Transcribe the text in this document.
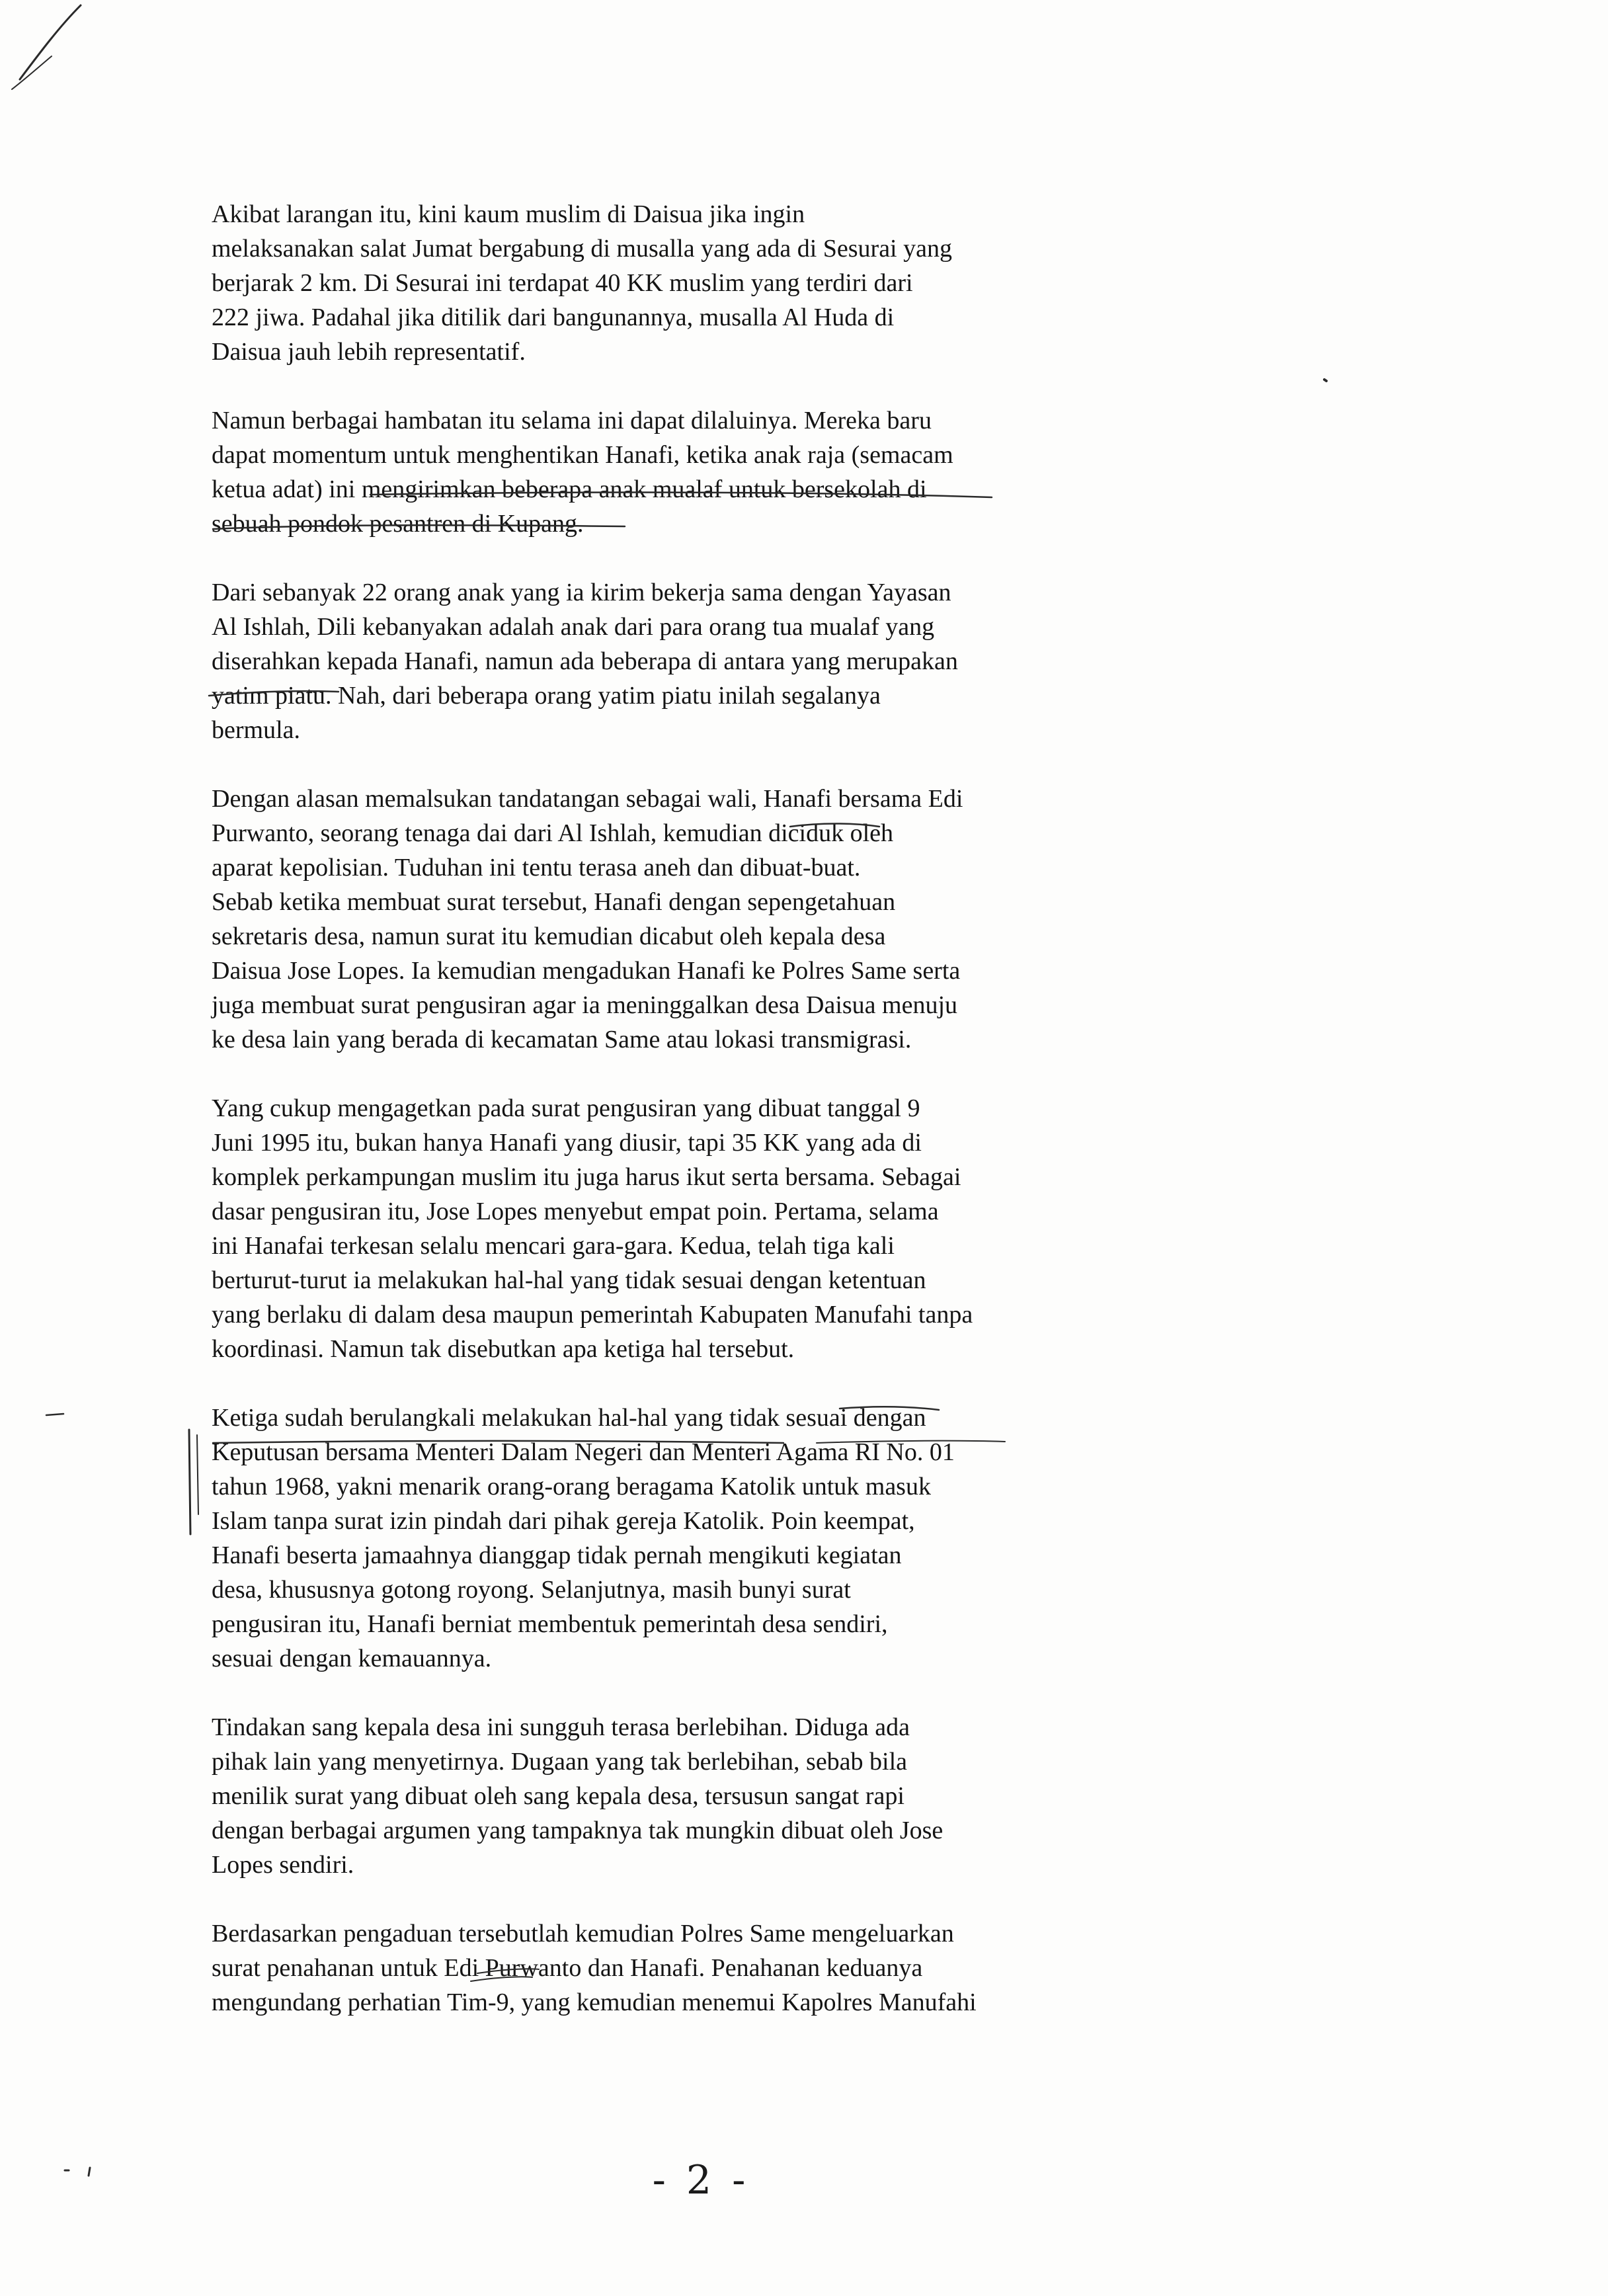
Akibat larangan itu, kini kaum muslim di Daisua jika ingin
melaksanakan salat Jumat bergabung di musalla yang ada di Sesurai yang
berjarak 2 km. Di Sesurai ini terdapat 40 KK muslim yang terdiri dari
222 jiwa. Padahal jika ditilik dari bangunannya, musalla Al Huda di
Daisua jauh lebih representatif.
Namun berbagai hambatan itu selama ini dapat dilaluinya. Mereka baru
dapat momentum untuk menghentikan Hanafi, ketika anak raja (semacam
ketua adat) ini mengirimkan beberapa anak mualaf untuk bersekolah di
sebuah pondok pesantren di Kupang.
Dari sebanyak 22 orang anak yang ia kirim bekerja sama dengan Yayasan
Al Ishlah, Dili kebanyakan adalah anak dari para orang tua mualaf yang
diserahkan kepada Hanafi, namun ada beberapa di antara yang merupakan
yatim piatu. Nah, dari beberapa orang yatim piatu inilah segalanya
bermula.
Dengan alasan memalsukan tandatangan sebagai wali, Hanafi bersama Edi
Purwanto, seorang tenaga dai dari Al Ishlah, kemudian diciduk oleh
aparat kepolisian. Tuduhan ini tentu terasa aneh dan dibuat-buat.
Sebab ketika membuat surat tersebut, Hanafi dengan sepengetahuan
sekretaris desa, namun surat itu kemudian dicabut oleh kepala desa
Daisua Jose Lopes. Ia kemudian mengadukan Hanafi ke Polres Same serta
juga membuat surat pengusiran agar ia meninggalkan desa Daisua menuju
ke desa lain yang berada di kecamatan Same atau lokasi transmigrasi.
Yang cukup mengagetkan pada surat pengusiran yang dibuat tanggal 9
Juni 1995 itu, bukan hanya Hanafi yang diusir, tapi 35 KK yang ada di
komplek perkampungan muslim itu juga harus ikut serta bersama. Sebagai
dasar pengusiran itu, Jose Lopes menyebut empat poin. Pertama, selama
ini Hanafai terkesan selalu mencari gara-gara. Kedua, telah tiga kali
berturut-turut ia melakukan hal-hal yang tidak sesuai dengan ketentuan
yang berlaku di dalam desa maupun pemerintah Kabupaten Manufahi tanpa
koordinasi. Namun tak disebutkan apa ketiga hal tersebut.
Ketiga sudah berulangkali melakukan hal-hal yang tidak sesuai dengan
Keputusan bersama Menteri Dalam Negeri dan Menteri Agama RI No. 01
tahun 1968, yakni menarik orang-orang beragama Katolik untuk masuk
Islam tanpa surat izin pindah dari pihak gereja Katolik. Poin keempat,
Hanafi beserta jamaahnya dianggap tidak pernah mengikuti kegiatan
desa, khususnya gotong royong. Selanjutnya, masih bunyi surat
pengusiran itu, Hanafi berniat membentuk pemerintah desa sendiri,
sesuai dengan kemauannya.
Tindakan sang kepala desa ini sungguh terasa berlebihan. Diduga ada
pihak lain yang menyetirnya. Dugaan yang tak berlebihan, sebab bila
menilik surat yang dibuat oleh sang kepala desa, tersusun sangat rapi
dengan berbagai argumen yang tampaknya tak mungkin dibuat oleh Jose
Lopes sendiri.
Berdasarkan pengaduan tersebutlah kemudian Polres Same mengeluarkan
surat penahanan untuk Edi Purwanto dan Hanafi. Penahanan keduanya
mengundang perhatian Tim-9, yang kemudian menemui Kapolres Manufahi
- 2 -
